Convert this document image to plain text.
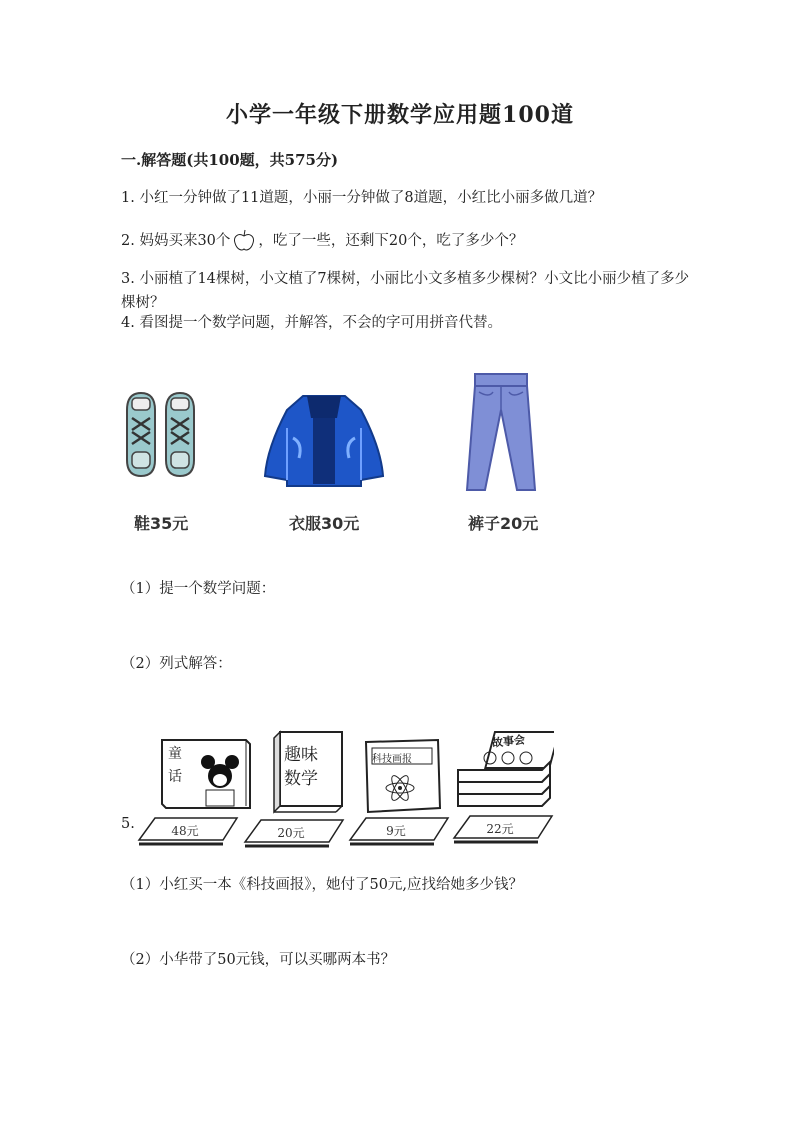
小学一年级下册数学应用题100道
一.解答题(共100题，共575分)
1. 小红一分钟做了11道题，小丽一分钟做了8道题，小红比小丽多做几道？
2. 妈妈买来30个 ，吃了一些，还剩下20个，吃了多少个？
3. 小丽植了14棵树，小文植了7棵树，小丽比小文多植多少棵树？小文比小丽少植了多少棵树？
4. 看图提一个数学问题，并解答，不会的字可用拼音代替。
鞋35元	衣服30元	裤子20元
（1）提一个数学问题：
（2）列式解答：
5.
童
话
趣味
数学
科技画报
故事会
48元	20元	9元	22元
（1）小红买一本《科技画报》，她付了50元,应找给她多少钱？
（2）小华带了50元钱，可以买哪两本书？
